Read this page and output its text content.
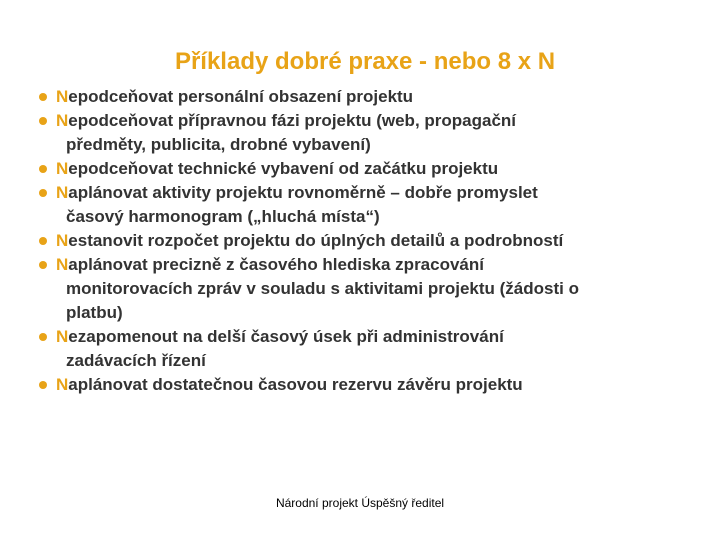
Příklady dobré praxe - nebo 8 x N
Nepodceňovat personální obsazení projektu
Nepodceňovat přípravnou fázi projektu (web, propagační
předměty, publicita, drobné vybavení)
Nepodceňovat technické vybavení od začátku projektu
Naplánovat aktivity projektu rovnoměrně – dobře promyslet
časový harmonogram („hluchá místa“)
Nestanovit rozpočet projektu do úplných detailů a podrobností
Naplánovat precizně z časového hlediska zpracování
monitorovacích zpráv v souladu s aktivitami projektu (žádosti o
platbu)
Nezapomenout na delší časový úsek při administrování
zadávacích řízení
Naplánovat dostatečnou časovou rezervu závěru projektu
Národní projekt Úspěšný ředitel
